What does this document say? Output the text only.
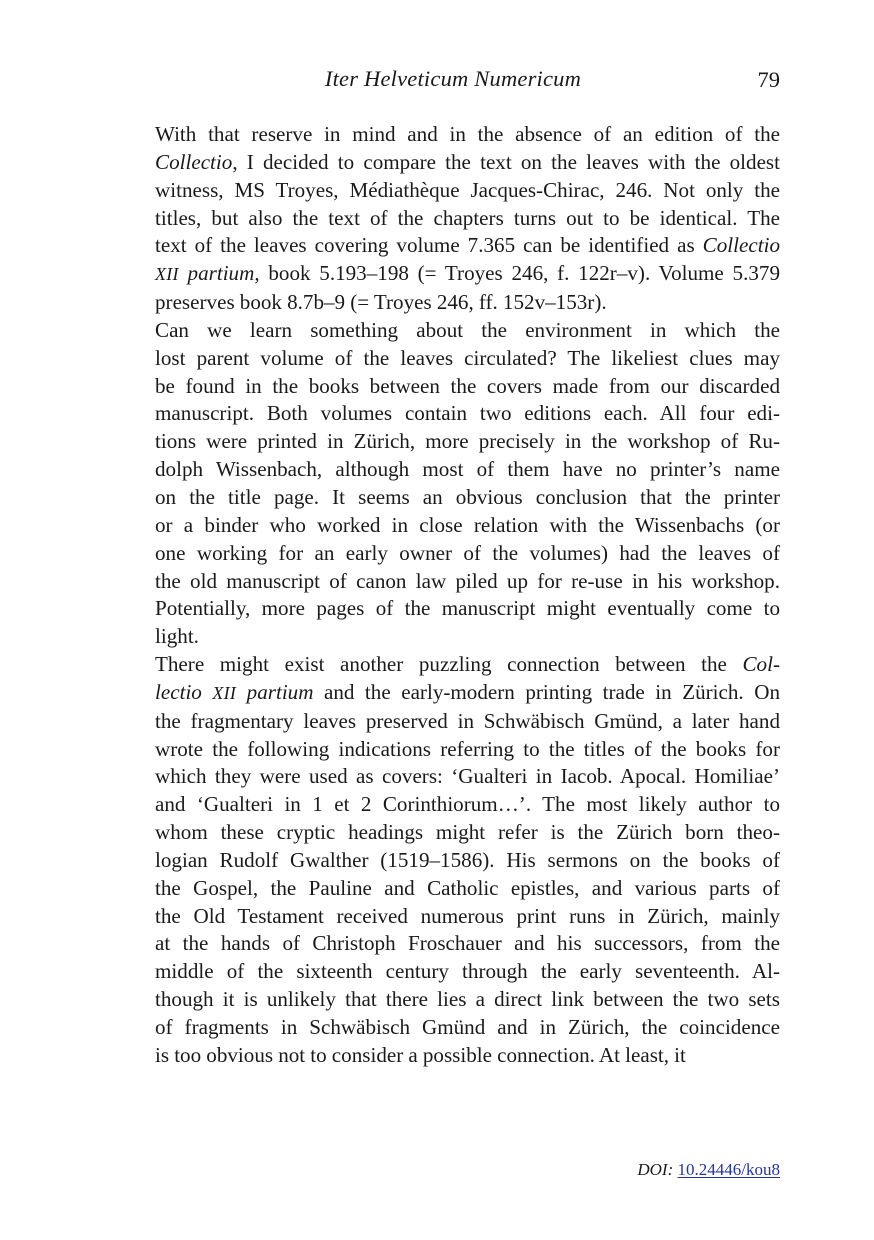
Iter Helveticum Numericum	79

With that reserve in mind and in the absence of an edition of the
Collectio, I decided to compare the text on the leaves with the oldest
witness, MS Troyes, Médiathèque Jacques-Chirac, 246. Not only the
titles, but also the text of the chapters turns out to be identical. The
text of the leaves covering volume 7.365 can be identified as Collectio
XII partium, book 5.193–198 (= Troyes 246, f. 122r–v). Volume 5.379
preserves book 8.7b–9 (= Troyes 246, ff. 152v–153r).

Can we learn something about the environment in which the
lost parent volume of the leaves circulated? The likeliest clues may
be found in the books between the covers made from our discarded
manuscript. Both volumes contain two editions each. All four edi-
tions were printed in Zürich, more precisely in the workshop of Ru-
dolph Wissenbach, although most of them have no printer’s name
on the title page. It seems an obvious conclusion that the printer
or a binder who worked in close relation with the Wissenbachs (or
one working for an early owner of the volumes) had the leaves of
the old manuscript of canon law piled up for re-use in his workshop.
Potentially, more pages of the manuscript might eventually come to
light.

There might exist another puzzling connection between the Col-
lectio XII partium and the early-modern printing trade in Zürich. On
the fragmentary leaves preserved in Schwäbisch Gmünd, a later hand
wrote the following indications referring to the titles of the books for
which they were used as covers: ‘Gualteri in Iacob. Apocal. Homiliae’
and ‘Gualteri in 1 et 2 Corinthiorum…’. The most likely author to
whom these cryptic headings might refer is the Zürich born theo-
logian Rudolf Gwalther (1519–1586). His sermons on the books of
the Gospel, the Pauline and Catholic epistles, and various parts of
the Old Testament received numerous print runs in Zürich, mainly
at the hands of Christoph Froschauer and his successors, from the
middle of the sixteenth century through the early seventeenth. Al-
though it is unlikely that there lies a direct link between the two sets
of fragments in Schwäbisch Gmünd and in Zürich, the coincidence
is too obvious not to consider a possible connection. At least, it

DOI: 10.24446/kou8
